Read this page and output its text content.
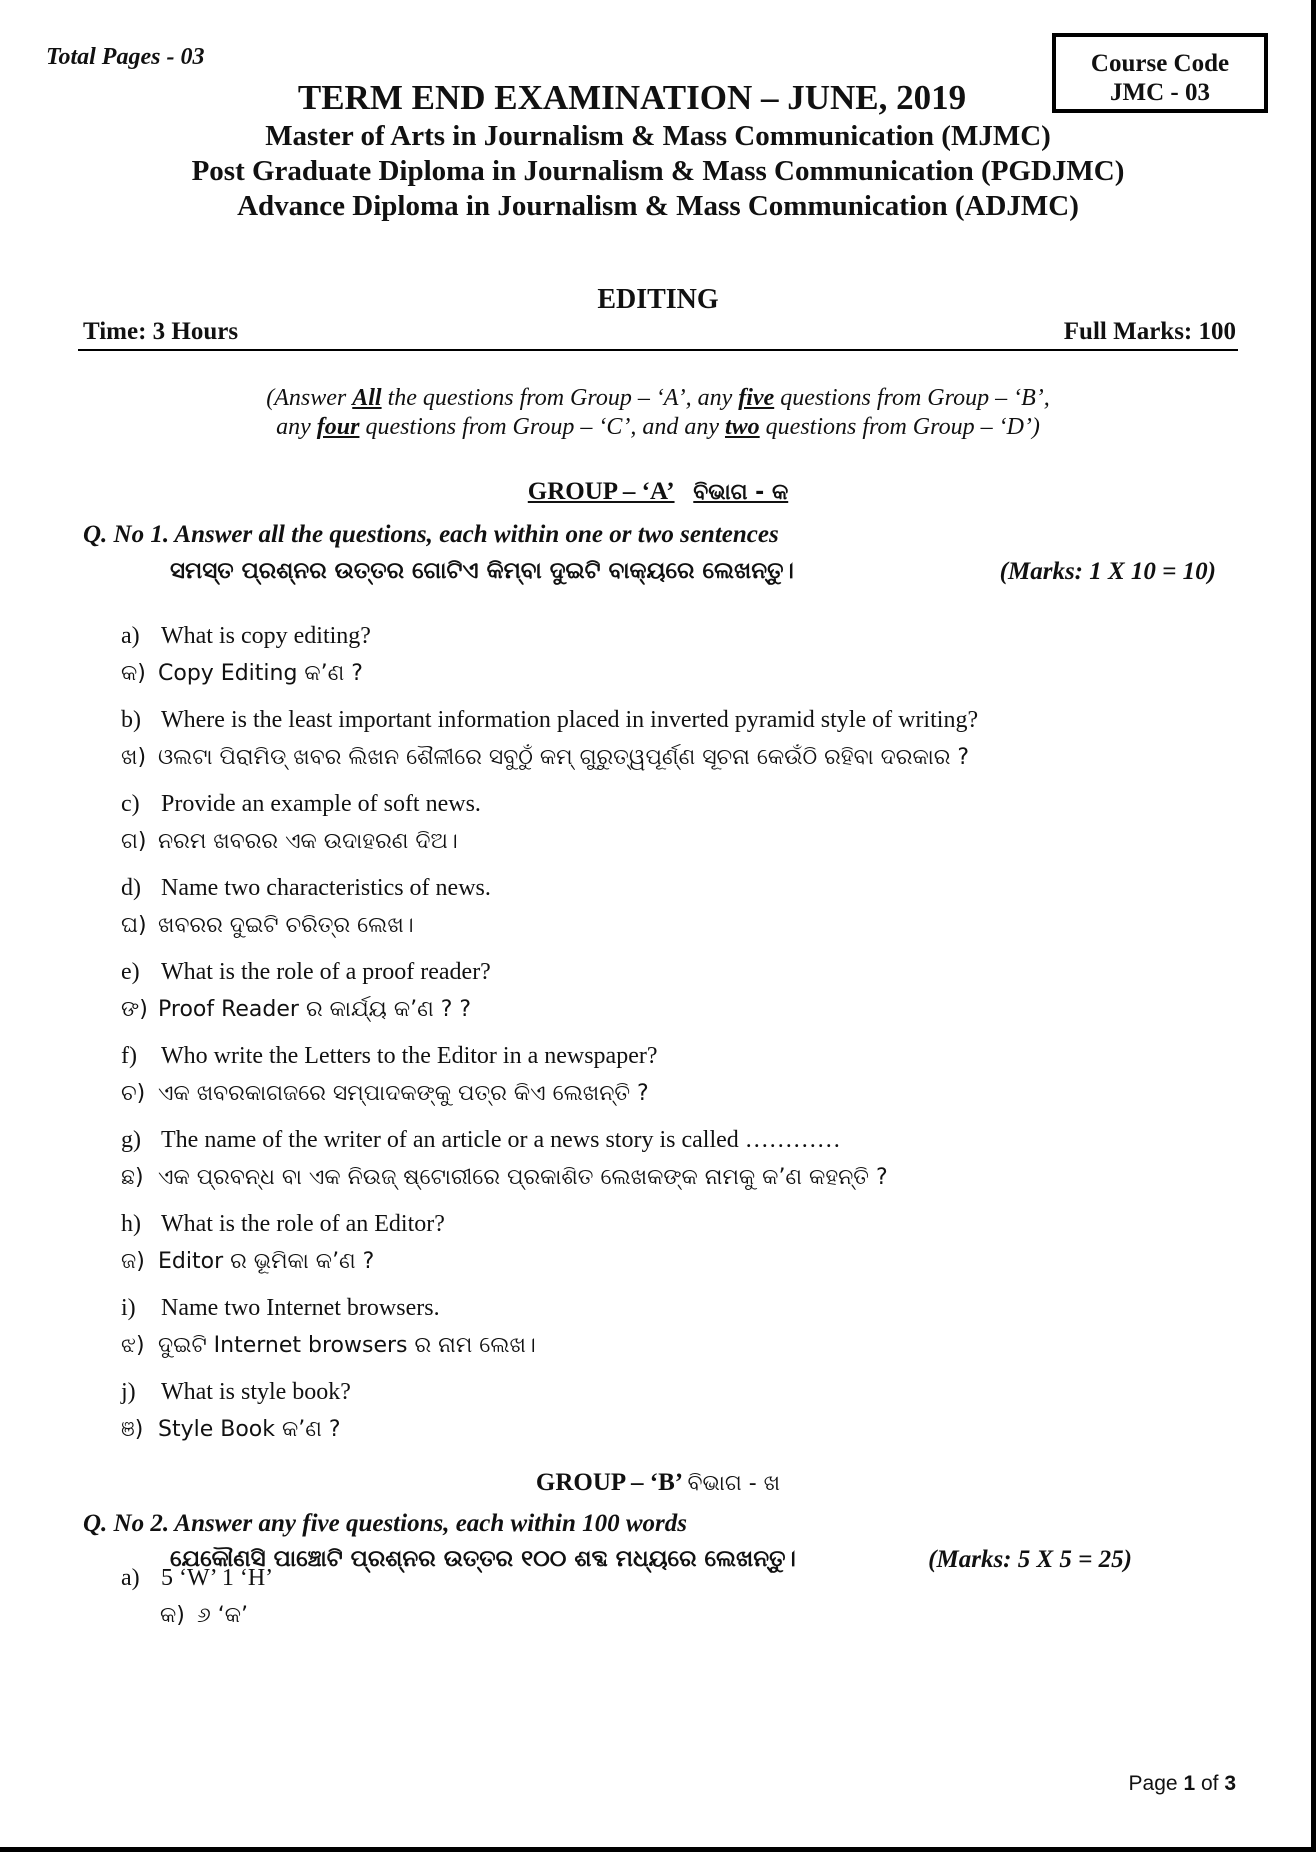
Total Pages - 03	Course Code
JMC - 03
TERM END EXAMINATION – JUNE, 2019
Master of Arts in Journalism & Mass Communication (MJMC)
Post Graduate Diploma in Journalism & Mass Communication (PGDJMC)
Advance Diploma in Journalism & Mass Communication (ADJMC)
EDITING
Time: 3 Hours	Full Marks: 100
(Answer All the questions from Group – ‘A’, any five questions from Group – ‘B’,
any four questions from Group – ‘C’, and any two questions from Group – ‘D’)
GROUP – ‘A’ ବିଭାଗ - କ
Q. No 1. Answer all the questions, each within one or two sentences
ସମସ୍ତ ପ୍ରଶ୍ନର ଉତ୍ତର ଗୋଟିଏ କିମ୍ବା ଦୁଇଟି ବାକ୍ୟରେ ଲେଖନ୍ତୁ।	(Marks: 1 X 10 = 10)
a) What is copy editing?
କ) Copy Editing କ’ଣ ?
b) Where is the least important information placed in inverted pyramid style of writing?
ଖ) ଓଲଟା ପିରାମିଡ୍ ଖବର ଲିଖନ ଶୈଳୀରେ ସବୁଠୁଁ କମ୍ ଗୁରୁତ୍ୱପୂର୍ଣ୍ଣ ସୂଚନା କେଉଁଠି ରହିବା ଦରକାର ?
c) Provide an example of soft news.
ଗ) ନରମ ଖବରର ଏକ ଉଦାହରଣ ଦିଅ।
d) Name two characteristics of news.
ଘ) ଖବରର ଦୁଇଟି ଚରିତ୍ର ଲେଖ।
e) What is the role of a proof reader?
ଙ) Proof Reader ର କାର୍ଯ୍ୟ କ’ଣ ? ?
f) Who write the Letters to the Editor in a newspaper?
ଚ) ଏକ ଖବରକାଗଜରେ ସମ୍ପାଦକଙ୍କୁ ପତ୍ର କିଏ ଲେଖନ୍ତି ?
g) The name of the writer of an article or a news story is called …………
ଛ) ଏକ ପ୍ରବନ୍ଧ ବା ଏକ ନିଉଜ୍ ଷ୍ଟୋରୀରେ ପ୍ରକାଶିତ ଲେଖକଙ୍କ ନାମକୁ କ’ଣ କହନ୍ତି ?
h) What is the role of an Editor?
ଜ) Editor ର ଭୂମିକା କ’ଣ ?
i) Name two Internet browsers.
ଝ) ଦୁଇଟି Internet browsers ର ନାମ ଲେଖ।
j) What is style book?
ଞ) Style Book କ’ଣ ?
GROUP – ‘B’ ବିଭାଗ - ଖ
Q. No 2. Answer any five questions, each within 100 words
ଯେକୌଣସି ପାଞ୍ଚୋଟି ପ୍ରଶ୍ନର ଉତ୍ତର ୧୦୦ ଶବ୍ଦ ମଧ୍ୟରେ ଲେଖନ୍ତୁ।	(Marks: 5 X 5 = 25)
a) 5 ‘W’ 1 ‘H’
କ) ୬ ‘କ’
Page 1 of 3
